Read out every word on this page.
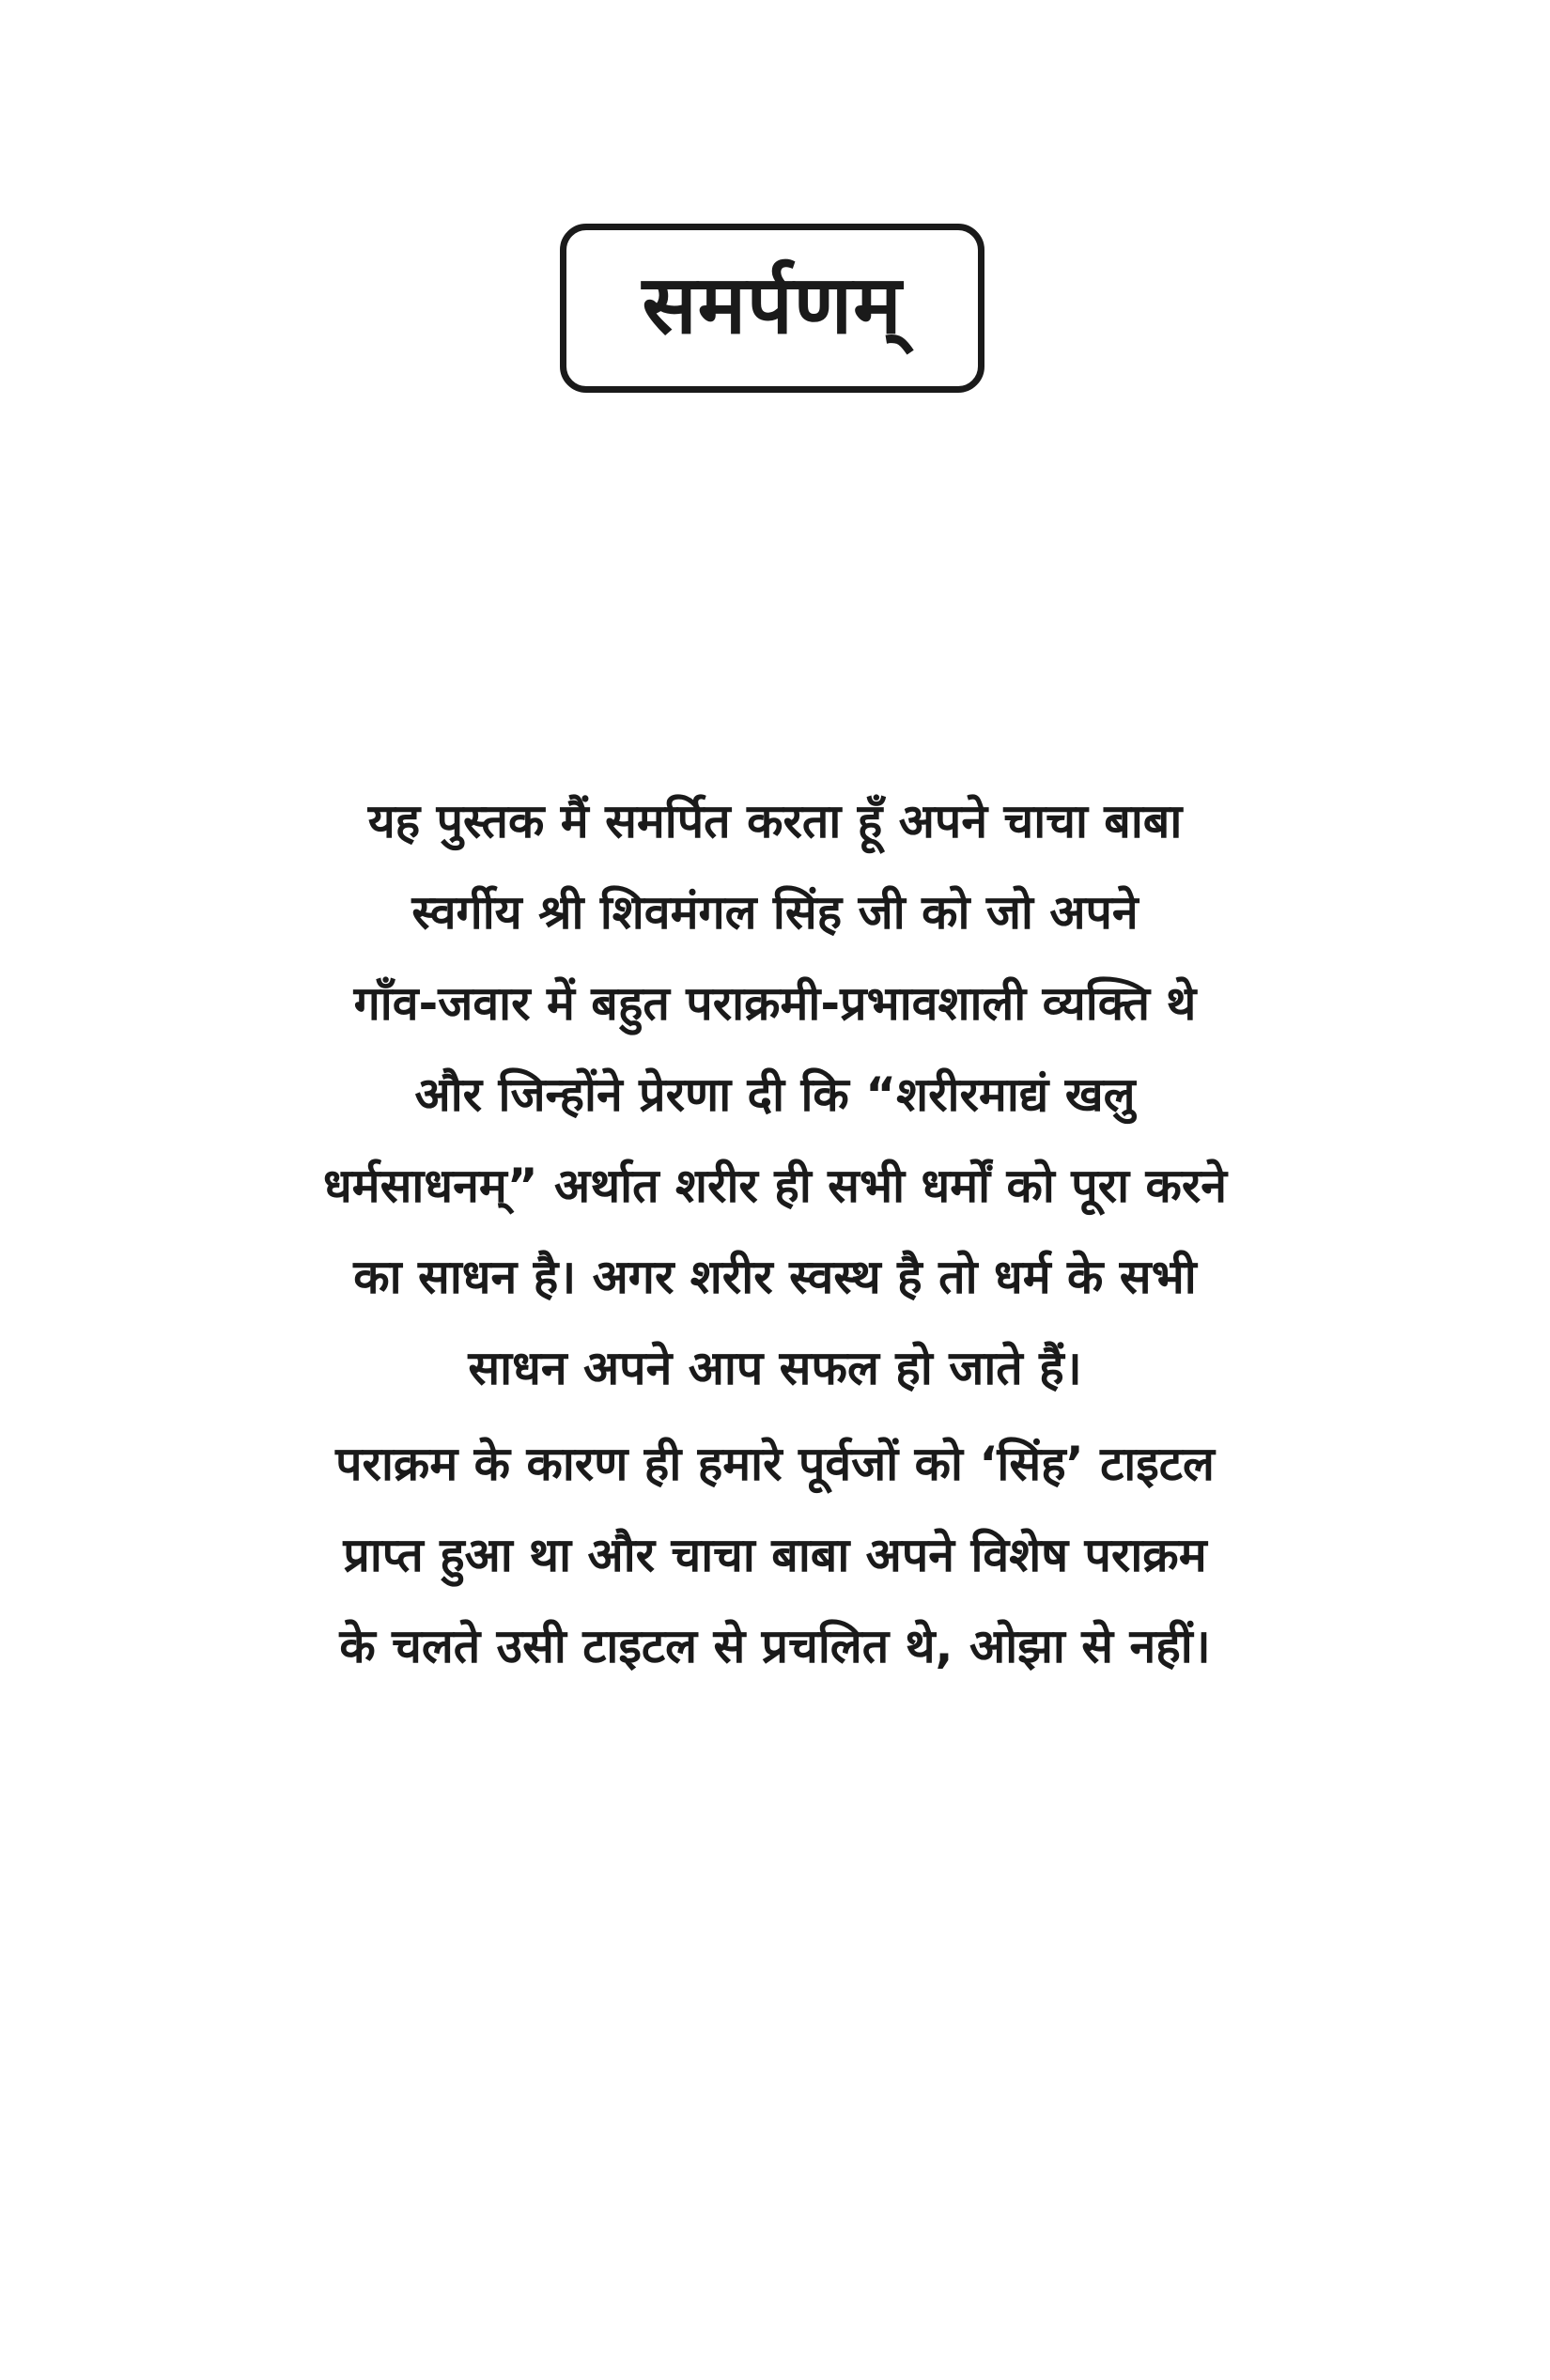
समर्पणम्

यह पुस्तक मैं समर्पित करता हूँ अपने चाचा बाबा
स्वर्गीय श्री शिवमंगल सिंह जी को जो अपने
गाँव-जवार में बहुत पराक्रमी-प्रभावशाली व्यक्ति थे
और जिन्होंने प्रेरणा दी कि “शरीरमाद्यं खलु
धर्मसाधनम्” अर्थात शरीर ही सभी धर्मों को पूरा करने
का साधन है। अगर शरीर स्वस्थ है तो धर्म के सभी
साधन अपने आप सफल हो जाते हैं।

पराक्रम के कारण ही हमारे पूर्वजों को ‘सिंह’ टाइटल
प्राप्त हुआ था और चाचा बाबा अपने विशेष पराक्रम
के चलते उसी टाइटल से प्रचलित थे, ओझा से नहीं।
